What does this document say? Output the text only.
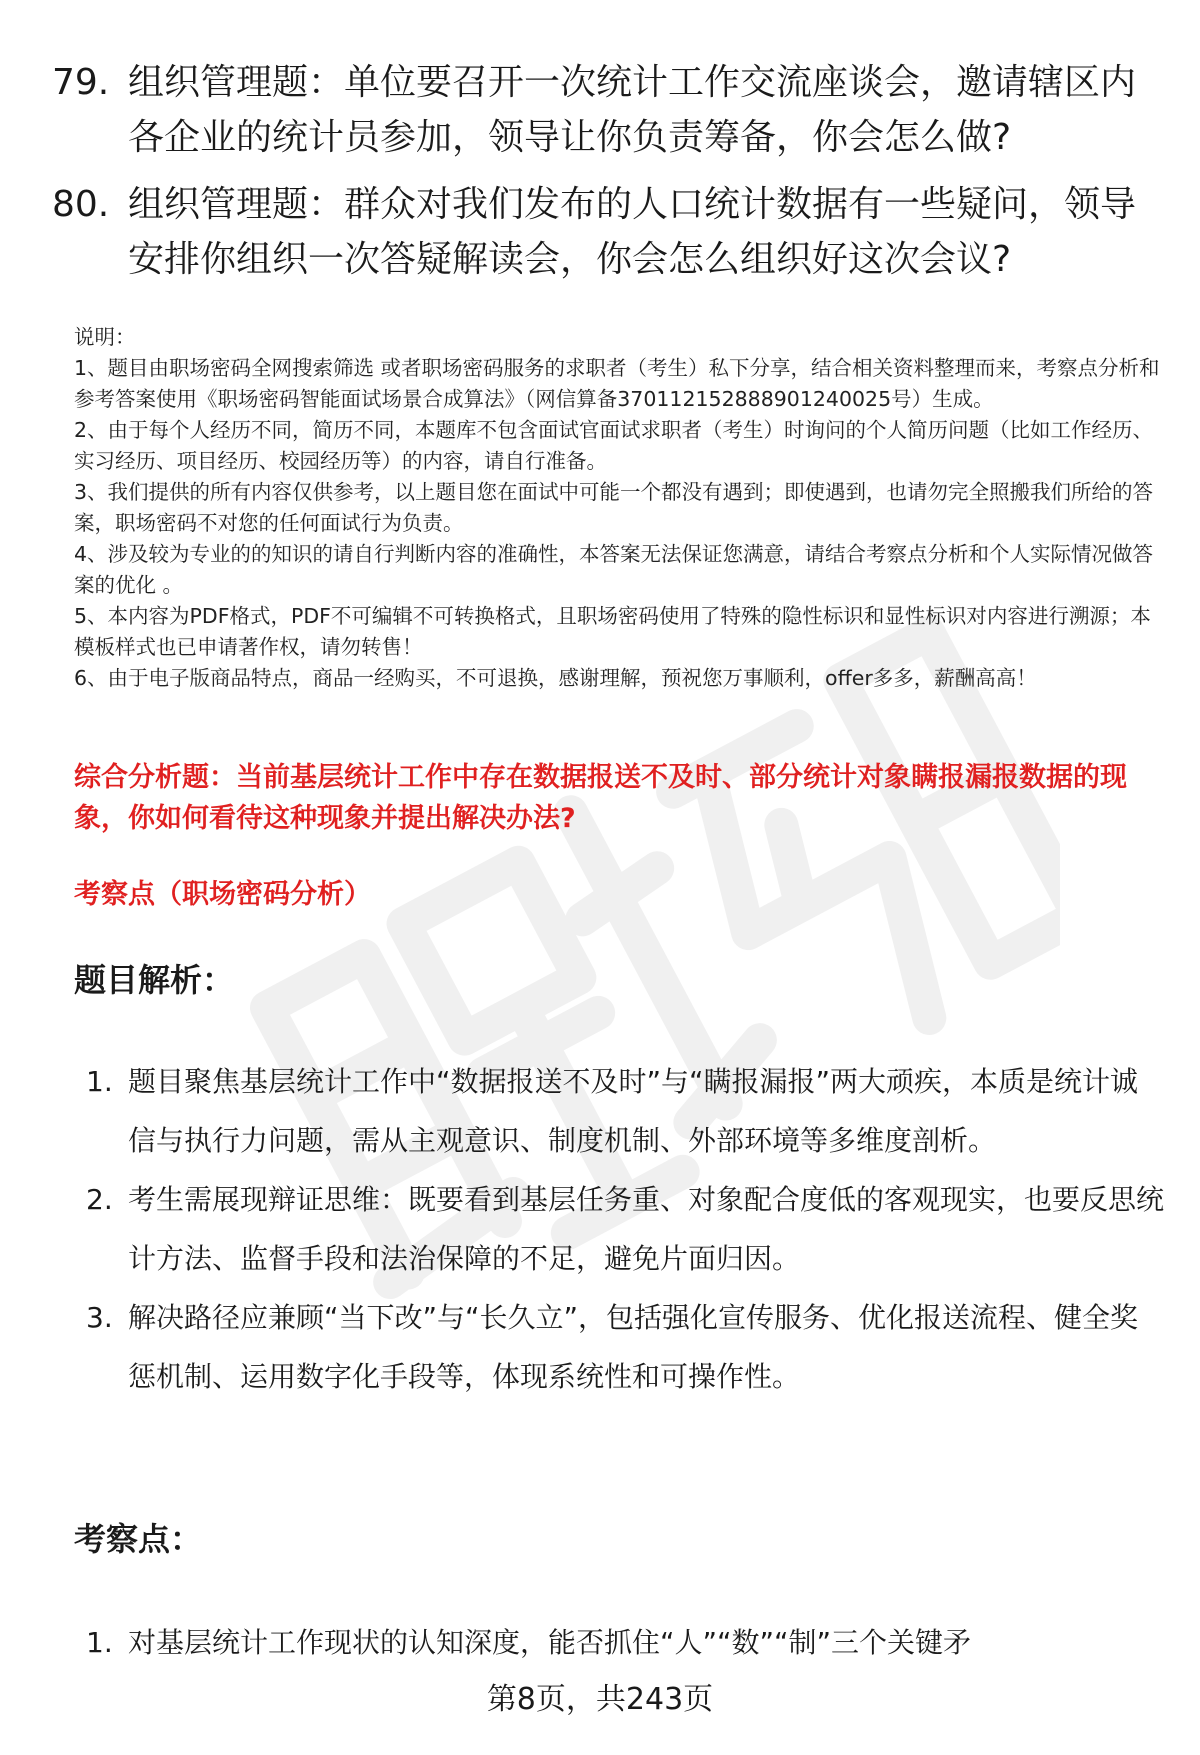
79. 组织管理题：单位要召开一次统计工作交流座谈会，邀请辖区内各企业的统计员参加，领导让你负责筹备，你会怎么做?
80. 组织管理题：群众对我们发布的人口统计数据有一些疑问，领导安排你组织一次答疑解读会，你会怎么组织好这次会议?

说明：

1、题目由职场密码全网搜索筛选 或者职场密码服务的求职者（考生）私下分享，结合相关资料整理而来，考察点分析和参考答案使用《职场密码智能面试场景合成算法》（网信算备370112152888901240025号）生成。

2、由于每个人经历不同，简历不同，本题库不包含面试官面试求职者（考生）时询问的个人简历问题（比如工作经历、实习经历、项目经历、校园经历等）的内容，请自行准备。

3、我们提供的所有内容仅供参考，以上题目您在面试中可能一个都没有遇到；即使遇到，也请勿完全照搬我们所给的答案，职场密码不对您的任何面试行为负责。

4、涉及较为专业的的知识的请自行判断内容的准确性，本答案无法保证您满意，请结合考察点分析和个人实际情况做答案的优化 。

5、本内容为PDF格式，PDF不可编辑不可转换格式，且职场密码使用了特殊的隐性标识和显性标识对内容进行溯源；本模板样式也已申请著作权，请勿转售！

6、由于电子版商品特点，商品一经购买，不可退换，感谢理解，预祝您万事顺利，offer多多，薪酬高高！

综合分析题：当前基层统计工作中存在数据报送不及时、部分统计对象瞒报漏报数据的现象，你如何看待这种现象并提出解决办法?
考察点（职场密码分析）
题目解析：
1. 题目聚焦基层统计工作中“数据报送不及时”与“瞒报漏报”两大顽疾，本质是统计诚信与执行力问题，需从主观意识、制度机制、外部环境等多维度剖析。
2. 考生需展现辩证思维：既要看到基层任务重、对象配合度低的客观现实，也要反思统计方法、监督手段和法治保障的不足，避免片面归因。
3. 解决路径应兼顾“当下改”与“长久立”，包括强化宣传服务、优化报送流程、健全奖惩机制、运用数字化手段等，体现系统性和可操作性。
考察点：
1. 对基层统计工作现状的认知深度，能否抓住“人”“数”“制”三个关键矛
第8页，共243页
